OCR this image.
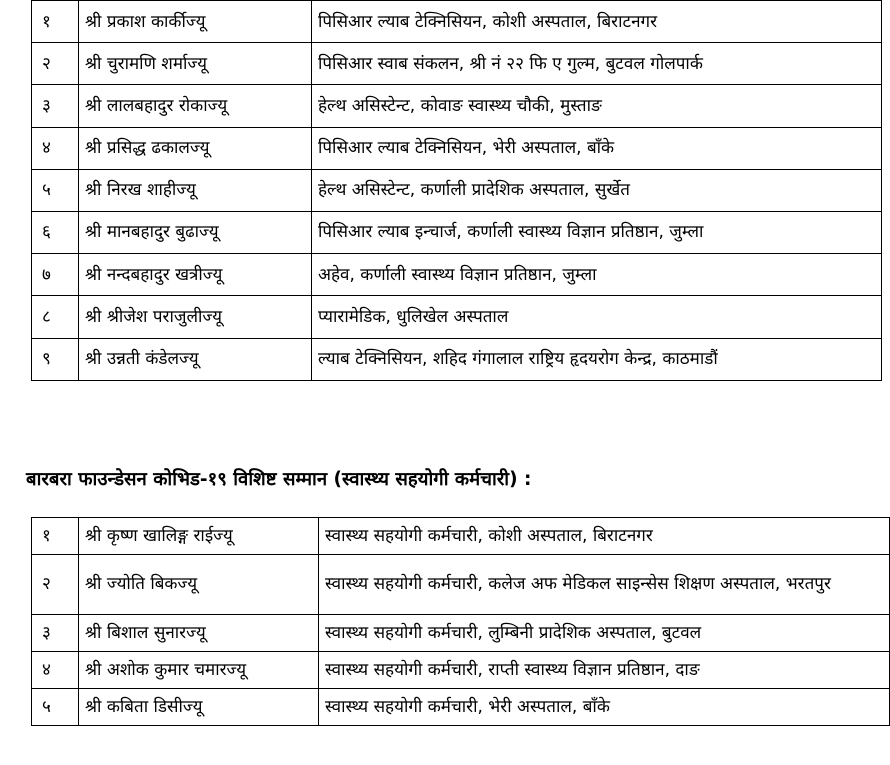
१	श्री प्रकाश कार्कीज्यू	पिसिआर ल्याब टेक्निसियन, कोशी अस्पताल, बिराटनगर
२	श्री चुरामणि शर्माज्यू	पिसिआर स्वाब संकलन, श्री नं २२ फि ए गुल्म, बुटवल गोलपार्क
३	श्री लालबहादुर रोकाज्यू	हेल्थ असिस्टेन्ट, कोवाङ स्वास्थ्य चौकी, मुस्ताङ
४	श्री प्रसिद्ध ढकालज्यू	पिसिआर ल्याब टेक्निसियन, भेरी अस्पताल, बाँके
५	श्री निरख शाहीज्यू	हेल्थ असिस्टेन्ट, कर्णाली प्रादेशिक अस्पताल, सुर्खेत
६	श्री मानबहादुर बुढाज्यू	पिसिआर ल्याब इन्चार्ज, कर्णाली स्वास्थ्य विज्ञान प्रतिष्ठान, जुम्ला
७	श्री नन्दबहादुर खत्रीज्यू	अहेव, कर्णाली स्वास्थ्य विज्ञान प्रतिष्ठान, जुम्ला
८	श्री श्रीजेश पराजुलीज्यू	प्यारामेडिक, धुलिखेल अस्पताल
९	श्री उन्नती कंडेलज्यू	ल्याब टेक्निसियन, शहिद गंगालाल राष्ट्रिय हृदयरोग केन्द्र, काठमाडौं
बारबरा फाउन्डेसन कोभिड-१९ विशिष्ट सम्मान (स्वास्थ्य सहयोगी कर्मचारी) :
१	श्री कृष्ण खालिङ्ग राईज्यू	स्वास्थ्य सहयोगी कर्मचारी, कोशी अस्पताल, बिराटनगर
२	श्री ज्योति बिकज्यू	स्वास्थ्य सहयोगी कर्मचारी, कलेज अफ मेडिकल साइन्सेस शिक्षण अस्पताल, भरतपुर
३	श्री बिशाल सुनारज्यू	स्वास्थ्य सहयोगी कर्मचारी, लुम्बिनी प्रादेशिक अस्पताल, बुटवल
४	श्री अशोक कुमार चमारज्यू	स्वास्थ्य सहयोगी कर्मचारी, राप्ती स्वास्थ्य विज्ञान प्रतिष्ठान, दाङ
५	श्री कबिता डिसीज्यू	स्वास्थ्य सहयोगी कर्मचारी, भेरी अस्पताल, बाँके
